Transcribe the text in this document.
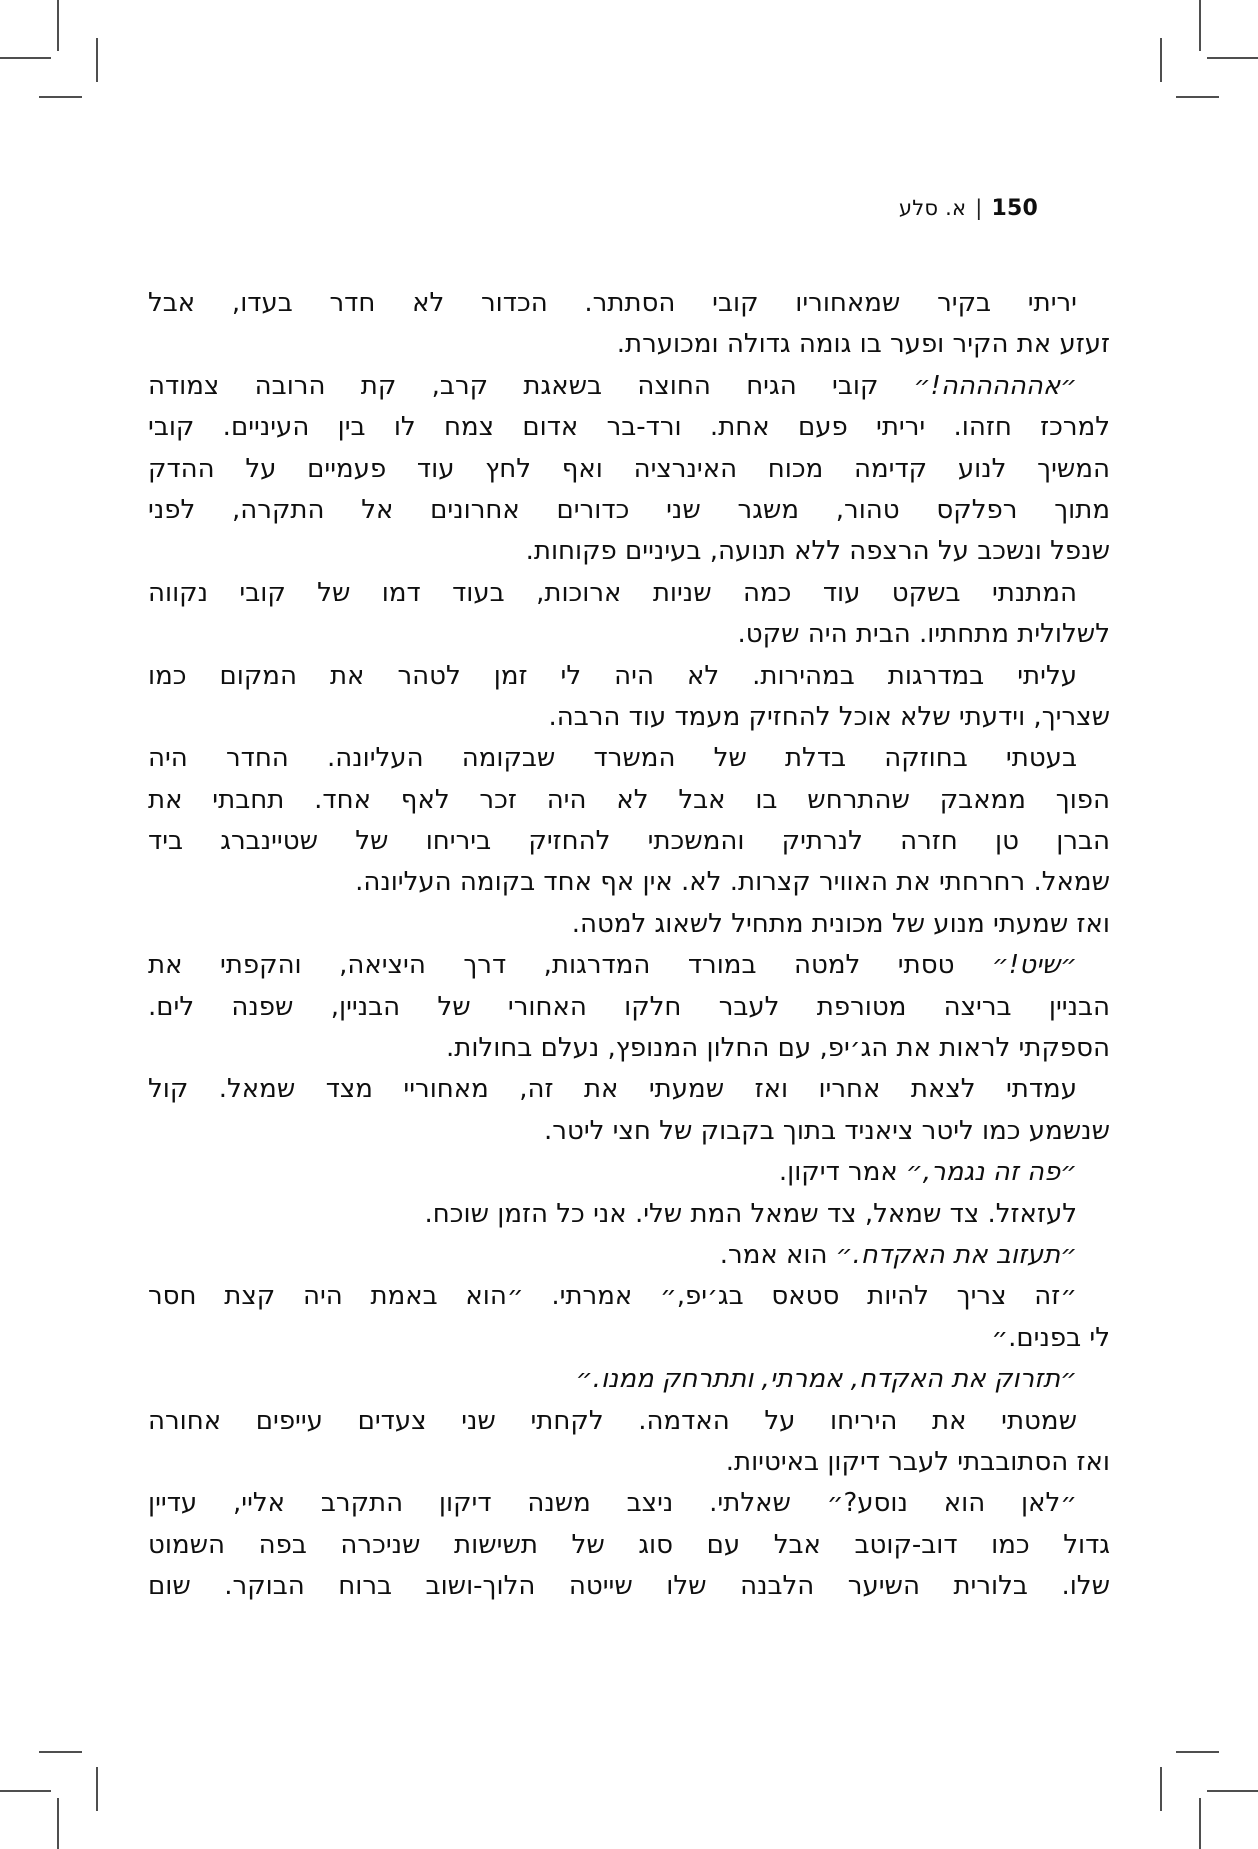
150|א. סלע
יריתי בקיר שמאחוריו קובי הסתתר. הכדור לא חדר בעדו, אבל
זעזע את הקיר ופער בו גומה גדולה ומכוערת.
״אהההההה!״ קובי הגיח החוצה בשאגת קרב, קת הרובה צמודה
למרכז חזהו. יריתי פעם אחת. ורד-בר אדום צמח לו בין העיניים. קובי
המשיך לנוע קדימה מכוח האינרציה ואף לחץ עוד פעמיים על ההדק
מתוך רפלקס טהור, משגר שני כדורים אחרונים אל התקרה, לפני
שנפל ונשכב על הרצפה ללא תנועה, בעיניים פקוחות.
המתנתי בשקט עוד כמה שניות ארוכות, בעוד דמו של קובי נקווה
לשלולית מתחתיו. הבית היה שקט.
עליתי במדרגות במהירות. לא היה לי זמן לטהר את המקום כמו
שצריך, וידעתי שלא אוכל להחזיק מעמד עוד הרבה.
בעטתי בחוזקה בדלת של המשרד שבקומה העליונה. החדר היה
הפוך ממאבק שהתרחש בו אבל לא היה זכר לאף אחד. תחבתי את
הברן טן חזרה לנרתיק והמשכתי להחזיק ביריחו של שטיינברג ביד
שמאל. רחרחתי את האוויר קצרות. לא. אין אף אחד בקומה העליונה.
ואז שמעתי מנוע של מכונית מתחיל לשאוג למטה.
״שיט!״ טסתי למטה במורד המדרגות, דרך היציאה, והקפתי את
הבניין בריצה מטורפת לעבר חלקו האחורי של הבניין, שפנה לים.
הספקתי לראות את הג׳יפ, עם החלון המנופץ, נעלם בחולות.
עמדתי לצאת אחריו ואז שמעתי את זה, מאחוריי מצד שמאל. קול
שנשמע כמו ליטר ציאניד בתוך בקבוק של חצי ליטר.
״פה זה נגמר,״ אמר דיקון.
לעזאזל. צד שמאל, צד שמאל המת שלי. אני כל הזמן שוכח.
״תעזוב את האקדח.״ הוא אמר.
״זה צריך להיות סטאס בג׳יפ,״ אמרתי. ״הוא באמת היה קצת חסר
לי בפנים.״
״תזרוק את האקדח, אמרתי, ותתרחק ממנו.״
שמטתי את היריחו על האדמה. לקחתי שני צעדים עייפים אחורה
ואז הסתובבתי לעבר דיקון באיטיות.
״לאן הוא נוסע?״ שאלתי. ניצב משנה דיקון התקרב אליי, עדיין
גדול כמו דוב-קוטב אבל עם סוג של תשישות שניכרה בפה השמוט
שלו. בלורית השיער הלבנה שלו שייטה הלוך-ושוב ברוח הבוקר. שום
